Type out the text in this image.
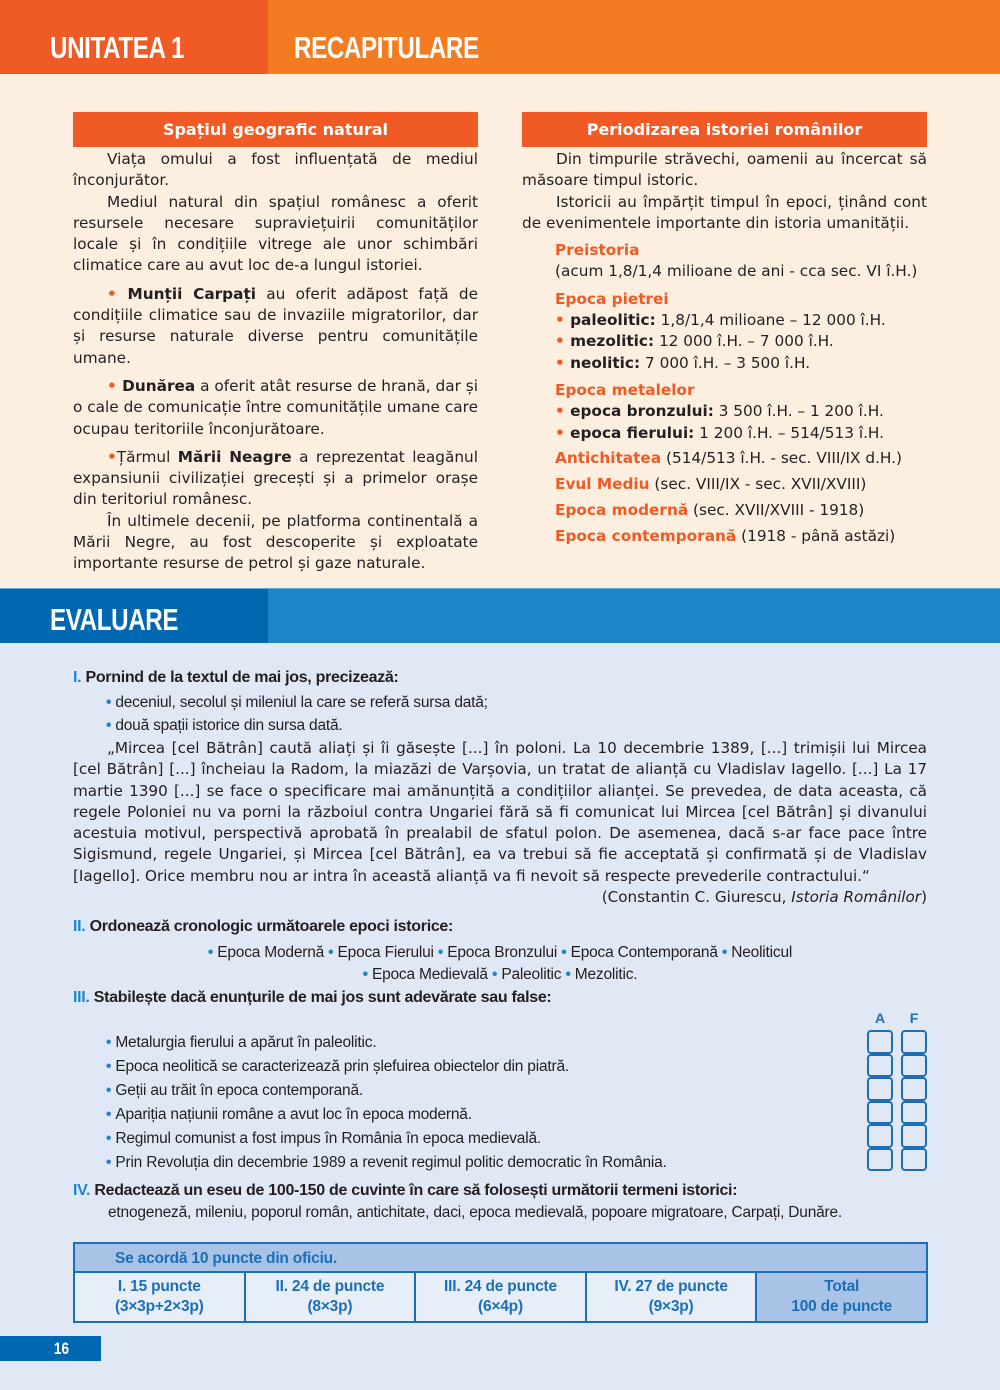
UNITATEA 1	RECAPITULARE
Spațiul geografic natural

Viața omului a fost influențată de mediul înconjurător.

Mediul natural din spațiul românesc a oferit resursele necesare supraviețuirii comunităților locale și în condițiile vitrege ale unor schimbări climatice care au avut loc de-a lungul istoriei.

• Munții Carpați au oferit adăpost față de condițiile climatice sau de invaziile migratorilor, dar și resurse naturale diverse pentru comunitățile umane.

• Dunărea a oferit atât resurse de hrană, dar și o cale de comunicație între comunitățile umane care ocupau teritoriile înconjurătoare.

•Țărmul Mării Neagre a reprezentat leagănul expansiunii civilizației grecești și a primelor orașe din teritoriul românesc.

În ultimele decenii, pe platforma continentală a Mării Negre, au fost descoperite și exploatate importante resurse de petrol și gaze naturale.

Periodizarea istoriei românilor

Din timpurile străvechi, oamenii au încercat să măsoare timpul istoric.

Istoricii au împărțit timpul în epoci, ținând cont de evenimentele importante din istoria umanității.

Preistoria
(acum 1,8/1,4 milioane de ani - cca sec. VI î.H.)
Epoca pietrei
• paleolitic: 1,8/1,4 milioane – 12 000 î.H.
• mezolitic: 12 000 î.H. – 7 000 î.H.
• neolitic: 7 000 î.H. – 3 500 î.H.
Epoca metalelor
• epoca bronzului: 3 500 î.H. – 1 200 î.H.
• epoca fierului: 1 200 î.H. – 514/513 î.H.
Antichitatea (514/513 î.H. - sec. VIII/IX d.H.)
Evul Mediu (sec. VIII/IX - sec. XVII/XVIII)
Epoca modernă (sec. XVII/XVIII - 1918)
Epoca contemporană (1918 - până astăzi)
EVALUARE
I. Pornind de la textul de mai jos, precizează:
• deceniul, secolul și mileniul la care se referă sursa dată;
• două spații istorice din sursa dată.

„Mircea [cel Bătrân] caută aliați și îi găsește [...] în poloni. La 10 decembrie 1389, [...] trimișii lui Mircea [cel Bătrân] [...] încheiau la Radom, la miazăzi de Varșovia, un tratat de alianță cu Vladislav Iagello. [...] La 17 martie 1390 [...] se face o specificare mai amănunțită a condițiilor alianței. Se prevedea, de data aceasta, că regele Poloniei nu va porni la războiul contra Ungariei fără să fi comunicat lui Mircea [cel Bătrân] și divanului acestuia motivul, perspectivă aprobată în prealabil de sfatul polon. De asemenea, dacă s-ar face pace între Sigismund, regele Ungariei, și Mircea [cel Bătrân], ea va trebui să fie acceptată și confirmată și de Vladislav [Iagello]. Orice membru nou ar intra în această alianță va fi nevoit să respecte prevederile contractului.“

(Constantin C. Giurescu, Istoria Românilor)
II. Ordonează cronologic următoarele epoci istorice:
• Epoca Modernă • Epoca Fierului • Epoca Bronzului • Epoca Contemporană • Neoliticul
• Epoca Medievală • Paleolitic • Mezolitic.
III. Stabilește dacă enunțurile de mai jos sunt adevărate sau false:
• Metalurgia fierului a apărut în paleolitic.
• Epoca neolitică se caracterizează prin șlefuirea obiectelor din piatră.
• Geții au trăit în epoca contemporană.
• Apariția națiunii române a avut loc în epoca modernă.
• Regimul comunist a fost impus în România în epoca medievală.
• Prin Revoluția din decembrie 1989 a revenit regimul politic democratic în România.
A	F
IV. Redactează un eseu de 100-150 de cuvinte în care să folosești următorii termeni istorici:
etnogeneză, mileniu, poporul român, antichitate, daci, epoca medievală, popoare migratoare, Carpați, Dunăre.
Se acordă 10 puncte din oficiu.
I. 15 puncte
(3×3p+2×3p)
II. 24 de puncte
(8×3p)
III. 24 de puncte
(6×4p)
IV. 27 de puncte
(9×3p)
Total
100 de puncte
16
